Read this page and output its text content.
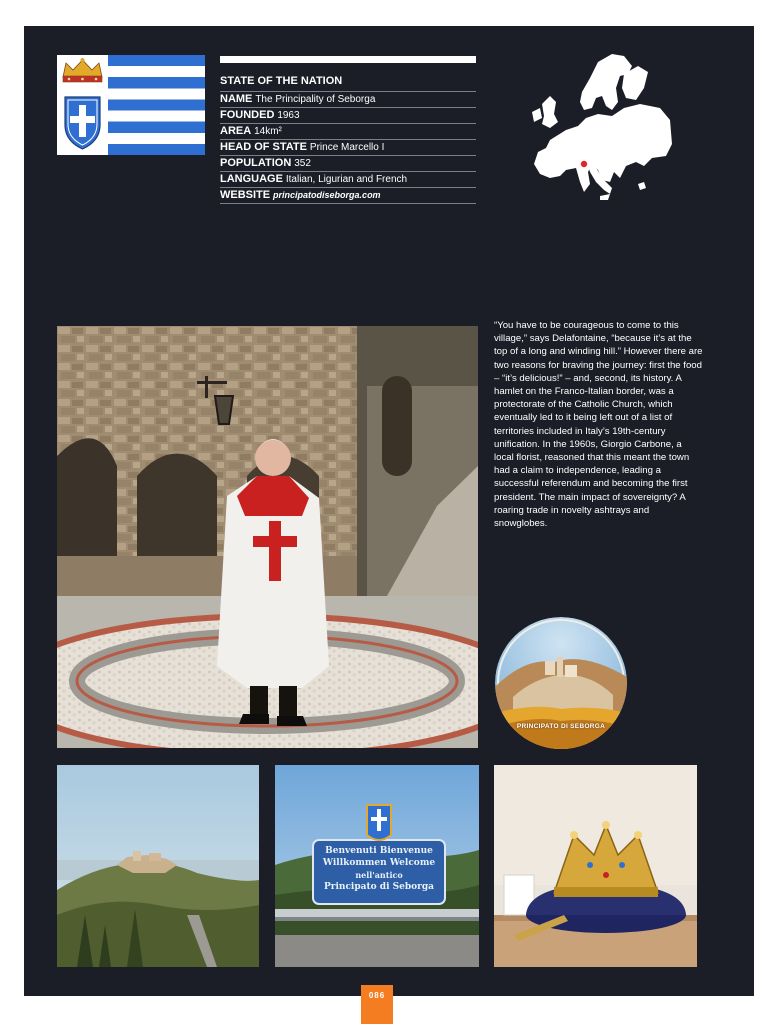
STATE OF THE NATION
NAME The Principality of Seborga
FOUNDED 1963
AREA 14km²
HEAD OF STATE Prince Marcello I
POPULATION 352
LANGUAGE Italian, Ligurian and French
WEBSITE principatodiseborga.com

“You have to be courageous to come to this village,” says Delafontaine, “because it’s at the top of a long and winding hill.” However there are two reasons for braving the journey: first the food – “it’s delicious!” – and, second, its history. A hamlet on the Franco-Italian border, was a protectorate of the Catholic Church, which eventually led to it being left out of a list of territories included in Italy’s 19th-century unification. In the 1960s, Giorgio Carbone, a local florist, reasoned that this meant the town had a claim to independence, leading a successful referendum and becoming the first president. The main impact of sovereignty? A roaring trade in novelty ashtrays and snowglobes.

PRINCIPATO DI SEBORGA
Benvenuti Bienvenue
Willkommen Welcome
nell'antico
Principato di Seborga
086
